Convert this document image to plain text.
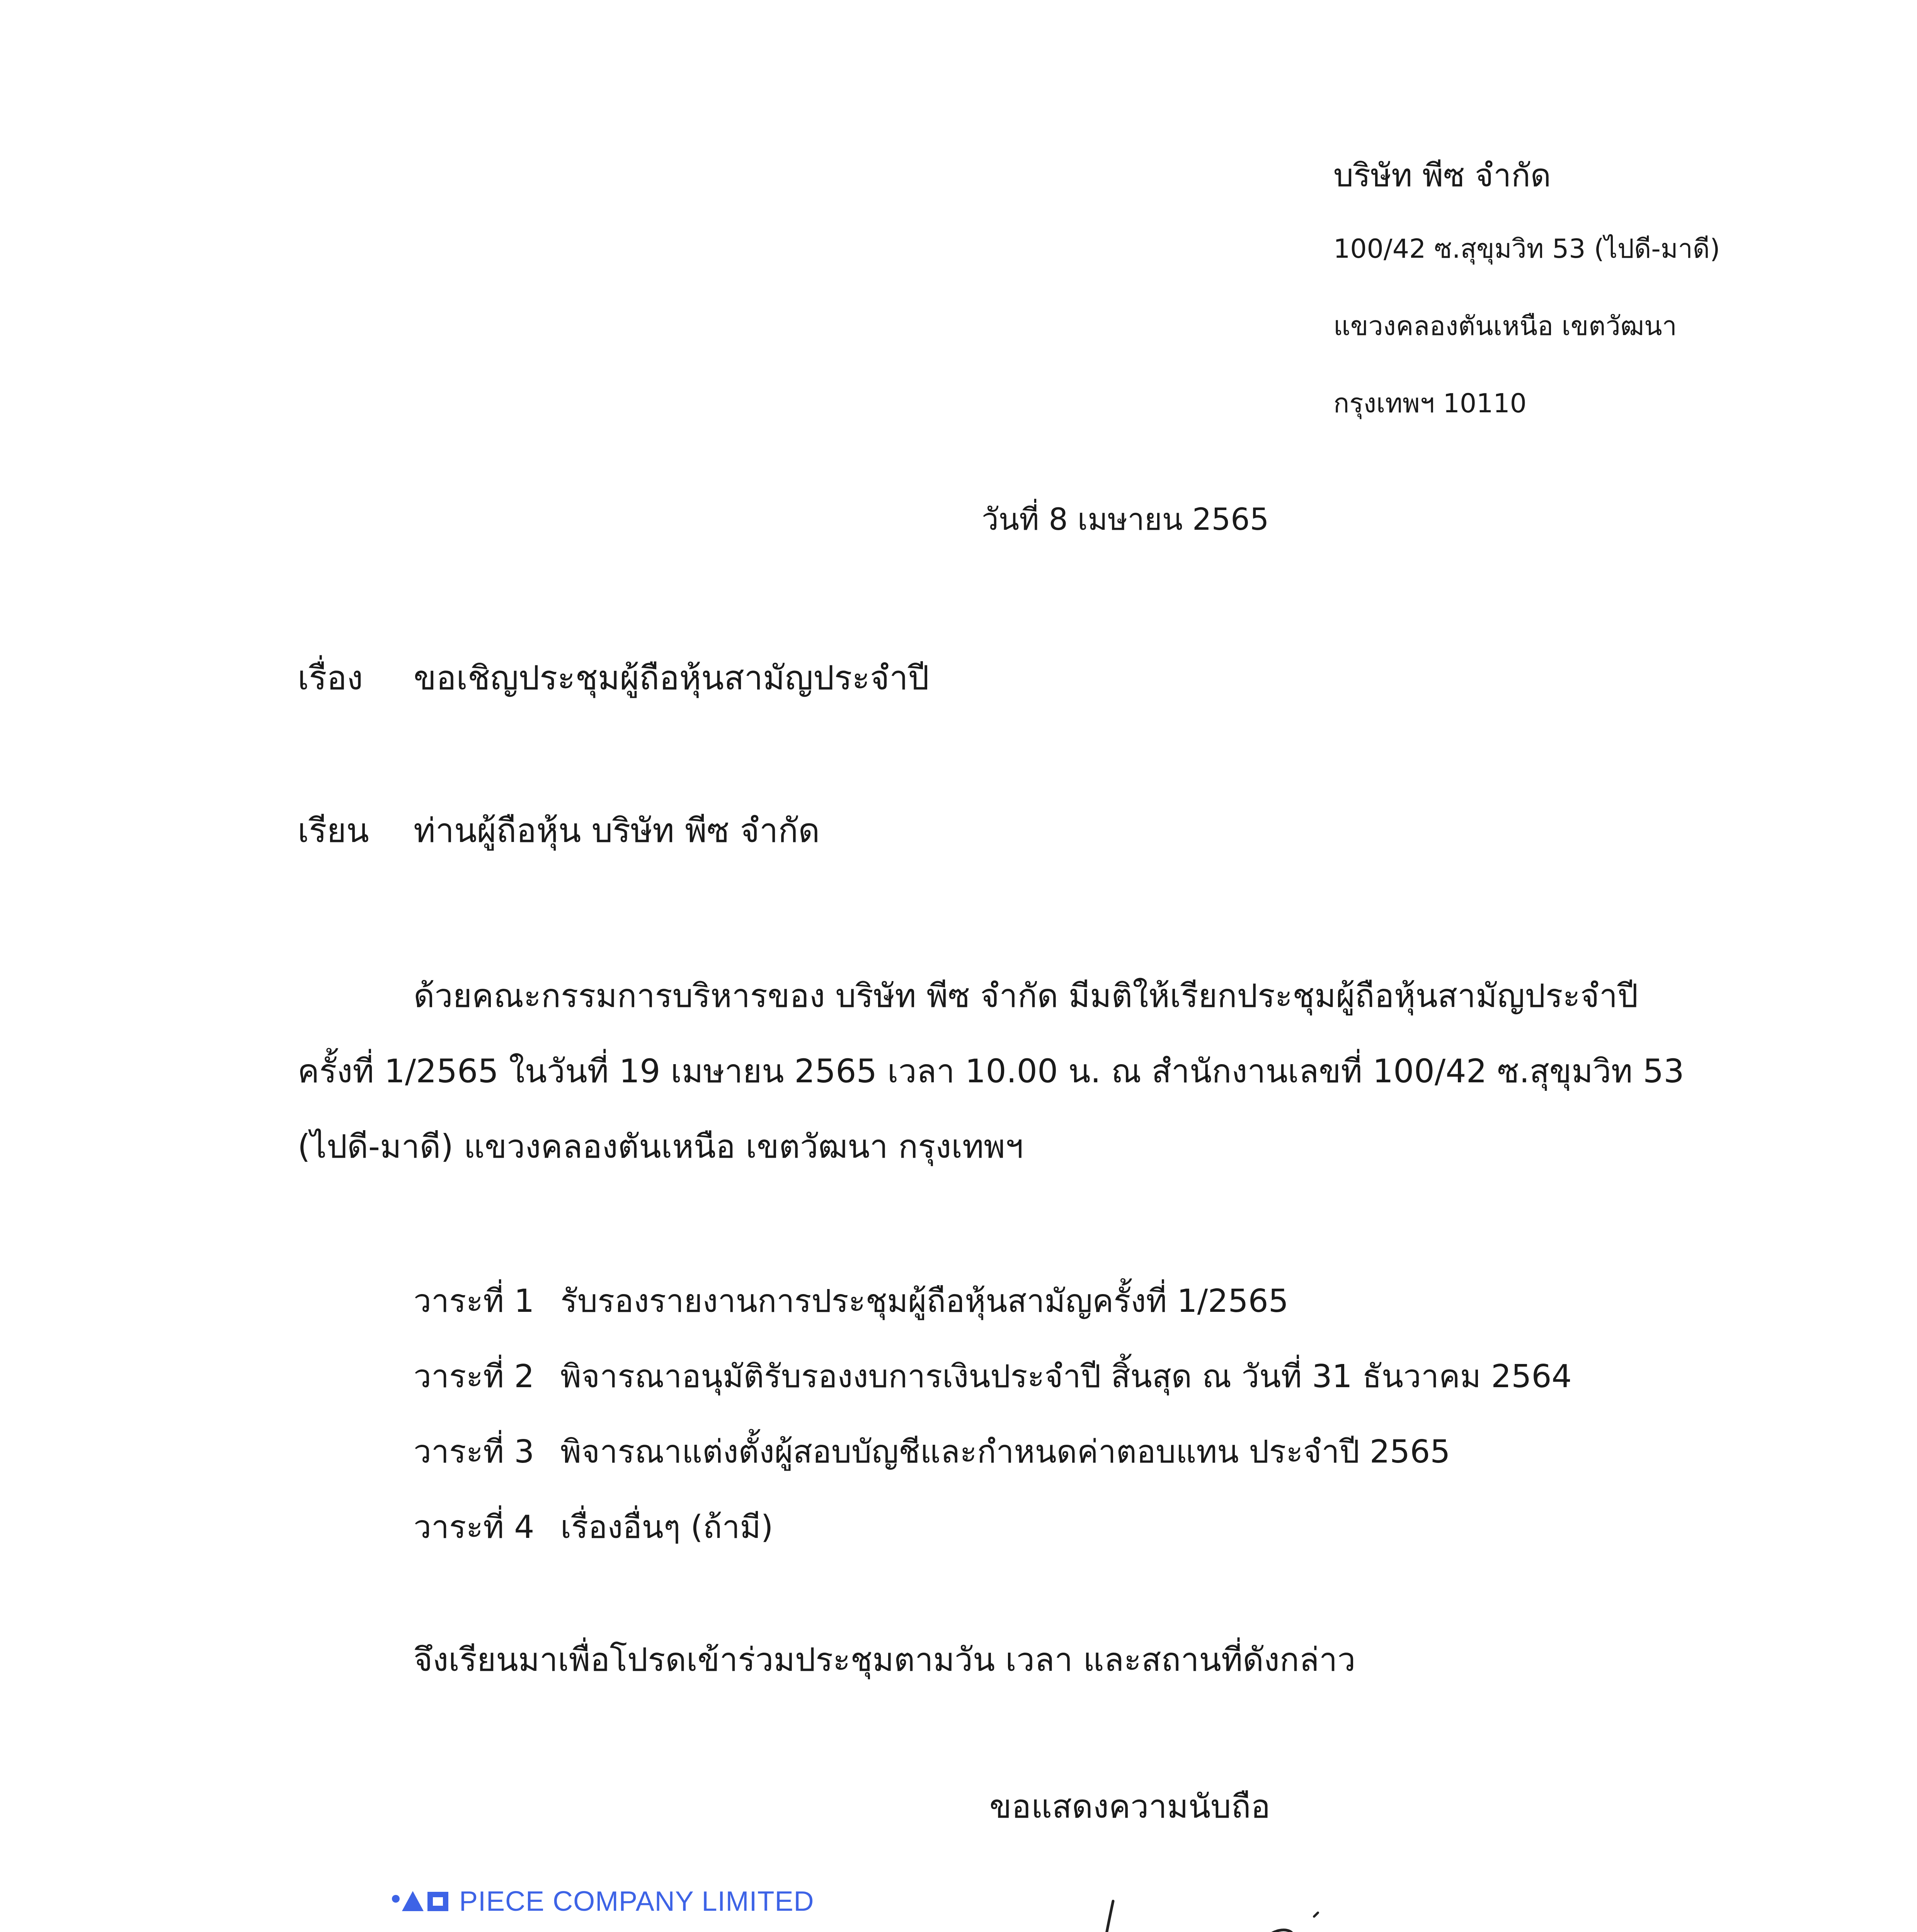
บริษัท พีซ จำกัด
100/42 ซ.สุขุมวิท 53 (ไปดี-มาดี)
แขวงคลองตันเหนือ เขตวัฒนา
กรุงเทพฯ 10110
วันที่ 8 เมษายน 2565
เรื่อง ขอเชิญประชุมผู้ถือหุ้นสามัญประจำปี
เรียน ท่านผู้ถือหุ้น บริษัท พีซ จำกัด
ด้วยคณะกรรมการบริหารของ บริษัท พีซ จำกัด มีมติให้เรียกประชุมผู้ถือหุ้นสามัญประจำปี
ครั้งที่ 1/2565 ในวันที่ 19 เมษายน 2565 เวลา 10.00 น. ณ สำนักงานเลขที่ 100/42 ซ.สุขุมวิท 53
(ไปดี-มาดี) แขวงคลองตันเหนือ เขตวัฒนา กรุงเทพฯ
วาระที่ 1 รับรองรายงานการประชุมผู้ถือหุ้นสามัญครั้งที่ 1/2565
วาระที่ 2 พิจารณาอนุมัติรับรองงบการเงินประจำปี สิ้นสุด ณ วันที่ 31 ธันวาคม 2564
วาระที่ 3 พิจารณาแต่งตั้งผู้สอบบัญชีและกำหนดค่าตอบแทน ประจำปี 2565
วาระที่ 4 เรื่องอื่นๆ (ถ้ามี)
จึงเรียนมาเพื่อโปรดเข้าร่วมประชุมตามวัน เวลา และสถานที่ดังกล่าว
ขอแสดงความนับถือ
PIECE COMPANY LIMITED
